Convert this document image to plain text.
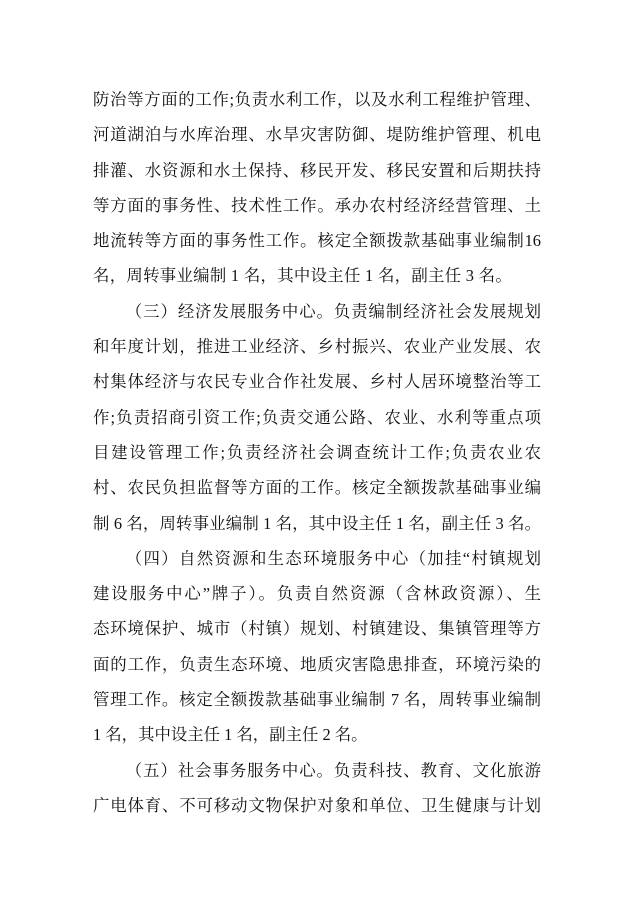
防治等方面的工作;负责水利工作，以及水利工程维护管理、
河道湖泊与水库治理、水旱灾害防御、堤防维护管理、机电
排灌、水资源和水土保持、移民开发、移民安置和后期扶持
等方面的事务性、技术性工作。承办农村经济经营管理、土
地流转等方面的事务性工作。核定全额拨款基础事业编制16
名，周转事业编制 1 名，其中设主任 1 名，副主任 3 名。
（三）经济发展服务中心。负责编制经济社会发展规划
和年度计划，推进工业经济、乡村振兴、农业产业发展、农
村集体经济与农民专业合作社发展、乡村人居环境整治等工
作;负责招商引资工作;负责交通公路、农业、水利等重点项
目建设管理工作;负责经济社会调查统计工作;负责农业农
村、农民负担监督等方面的工作。核定全额拨款基础事业编
制 6 名，周转事业编制 1 名，其中设主任 1 名，副主任 3 名。
（四）自然资源和生态环境服务中心（加挂“村镇规划
建设服务中心”牌子）。负责自然资源（含林政资源）、生
态环境保护、城市（村镇）规划、村镇建设、集镇管理等方
面的工作，负责生态环境、地质灾害隐患排查，环境污染的
管理工作。核定全额拨款基础事业编制 7 名，周转事业编制
1 名，其中设主任 1 名，副主任 2 名。
（五）社会事务服务中心。负责科技、教育、文化旅游
广电体育、不可移动文物保护对象和单位、卫生健康与计划
